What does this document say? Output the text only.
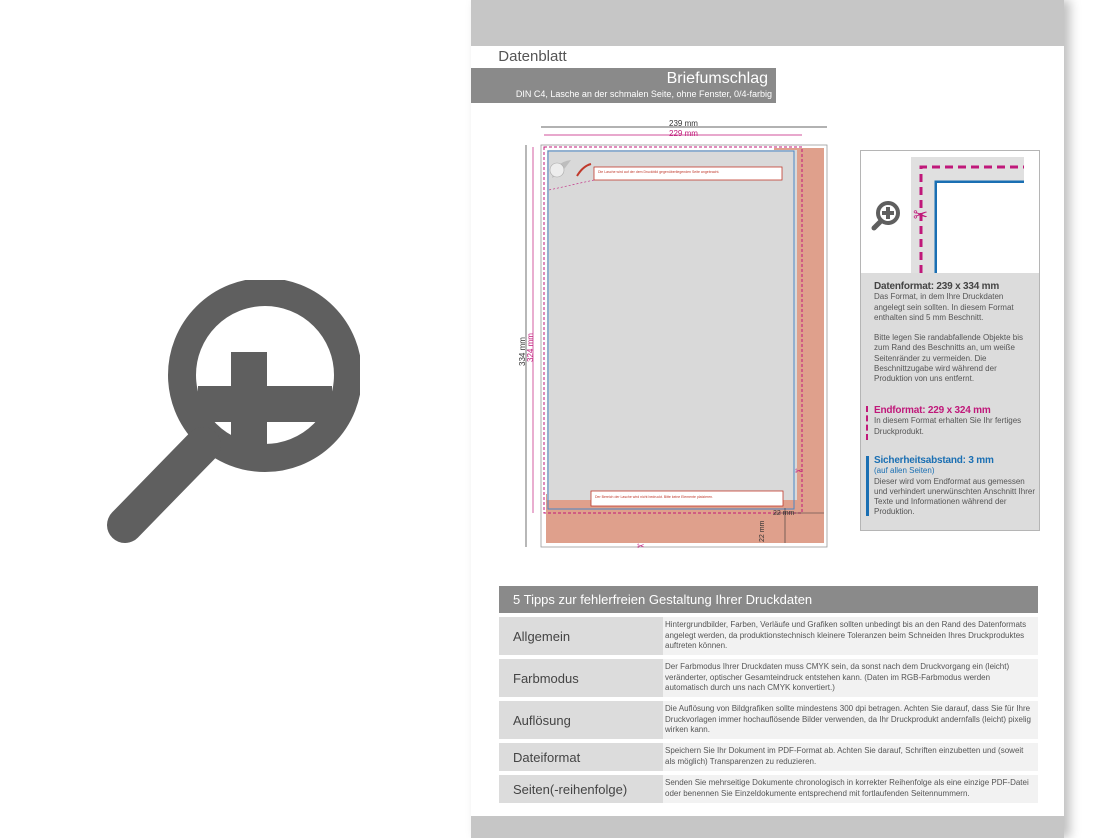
Datenblatt
Briefumschlag
DIN C4, Lasche an der schmalen Seite, ohne Fenster, 0/4-farbig
✂
✂
239 mm
229 mm
334 mm 324 mm
22 mm
22 mm
Die Lasche wird auf der dem Druckbild gegenüberliegenden Seite angebracht.
Der Bereich der Lasche wird nicht bedruckt. Bitte keine Elemente platzieren.
✂
Datenformat: 239 x 334 mm
Das Format, in dem Ihre Druckdaten angelegt sein sollten. In diesem Format enthalten sind 5 mm Beschnitt.
Bitte legen Sie randabfallende Objekte bis zum Rand des Beschnitts an, um weiße Seitenränder zu vermeiden. Die Beschnittzugabe wird während der Produktion von uns entfernt.
Endformat: 229 x 324 mm
In diesem Format erhalten Sie Ihr fertiges Druckprodukt.
Sicherheitsabstand: 3 mm
(auf allen Seiten)
Dieser wird vom Endformat aus gemessen und verhindert unerwünschten Anschnitt Ihrer Texte und Informationen während der Produktion.
5 Tipps zur fehlerfreien Gestaltung Ihrer Druckdaten
Allgemein
Hintergrundbilder, Farben, Verläufe und Grafiken sollten unbedingt bis an den Rand des Datenformats angelegt werden, da produktionstechnisch kleinere Toleranzen beim Schneiden Ihres Druckproduktes auftreten können.
Farbmodus
Der Farbmodus Ihrer Druckdaten muss CMYK sein, da sonst nach dem Druckvorgang ein (leicht) veränderter, optischer Gesamteindruck entstehen kann. (Daten im RGB-Farbmodus werden automatisch durch uns nach CMYK konvertiert.)
Auflösung
Die Auflösung von Bildgrafiken sollte mindestens 300 dpi betragen. Achten Sie darauf, dass Sie für Ihre Druckvorlagen immer hochauflösende Bilder verwenden, da Ihr Druckprodukt andernfalls (leicht) pixelig wirken kann.
Dateiformat	Speichern Sie Ihr Dokument im PDF-Format ab. Achten Sie darauf, Schriften einzubetten und (soweit als möglich) Transparenzen zu reduzieren.
Seiten(-reihenfolge)	Senden Sie mehrseitige Dokumente chronologisch in korrekter Reihenfolge als eine einzige PDF-Datei oder benennen Sie Einzeldokumente entsprechend mit fortlaufenden Seitennummern.
